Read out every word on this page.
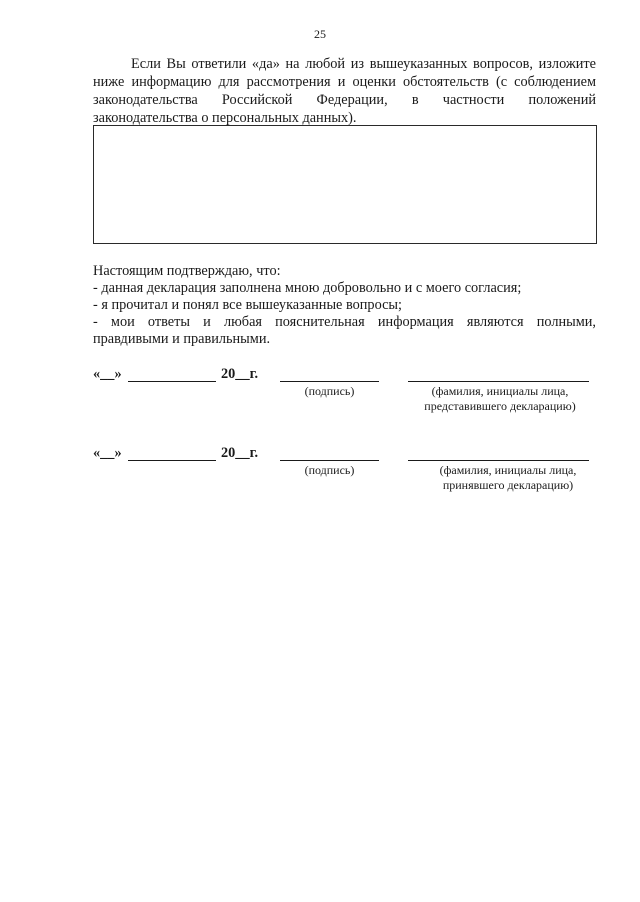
25
Если Вы ответили «да» на любой из вышеуказанных вопросов, изложите ниже информацию для рассмотрения и оценки обстоятельств (с соблюдением законодательства Российской Федерации, в частности положений законодательства о персональных данных).
Настоящим подтверждаю, что:
- данная декларация заполнена мною добровольно и с моего согласия;
- я прочитал и понял все вышеуказанные вопросы;
- мои ответы и любая пояснительная информация являются полными,
правдивыми и правильными.
«__»	20__г.
(подпись)	(фамилия, инициалы лица,
представившего декларацию)
«__»	20__г.
(подпись)	(фамилия, инициалы лица,
принявшего декларацию)
